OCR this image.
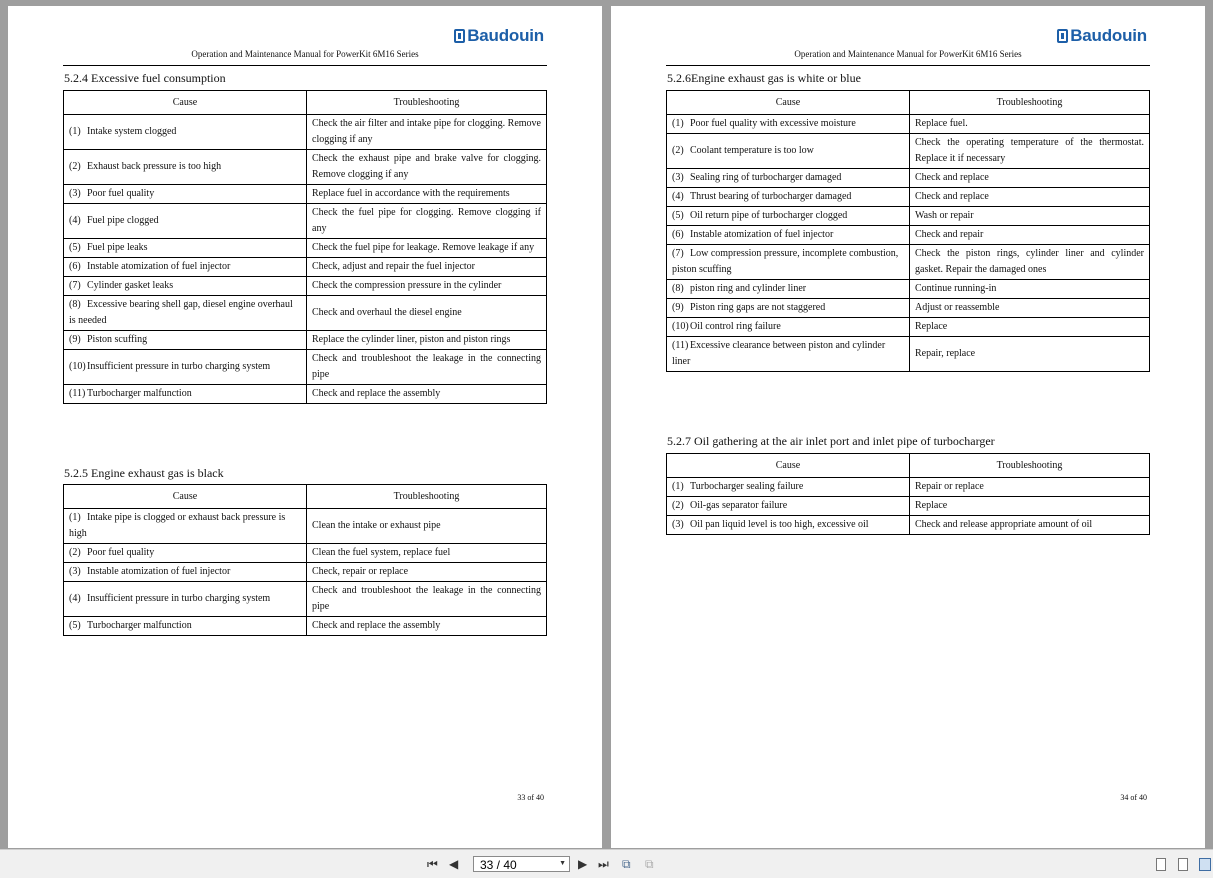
Baudouin
Operation and Maintenance Manual for PowerKit 6M16 Series
5.2.4 Excessive fuel consumption
Cause	Troubleshooting
(1) Intake system clogged	Check the air filter and intake pipe for clogging. Remove clogging if any
(2) Exhaust back pressure is too high	Check the exhaust pipe and brake valve for clogging. Remove clogging if any
(3) Poor fuel quality	Replace fuel in accordance with the requirements
(4) Fuel pipe clogged	Check the fuel pipe for clogging. Remove clogging if any
(5) Fuel pipe leaks	Check the fuel pipe for leakage. Remove leakage if any
(6) Instable atomization of fuel injector	Check, adjust and repair the fuel injector
(7) Cylinder gasket leaks	Check the compression pressure in the cylinder
(8) Excessive bearing shell gap, diesel engine overhaul is needed	Check and overhaul the diesel engine
(9) Piston scuffing	Replace the cylinder liner, piston and piston rings
(10)Insufficient pressure in turbo charging system	Check and troubleshoot the leakage in the connecting pipe
(11) Turbocharger malfunction	Check and replace the assembly
5.2.5 Engine exhaust gas is black
Cause	Troubleshooting
(1) Intake pipe is clogged or exhaust back pressure is high	Clean the intake or exhaust pipe
(2) Poor fuel quality	Clean the fuel system, replace fuel
(3) Instable atomization of fuel injector	Check, repair or replace
(4) Insufficient pressure in turbo charging system	Check and troubleshoot the leakage in the connecting pipe
(5) Turbocharger malfunction	Check and replace the assembly
33 of 40
Baudouin
Operation and Maintenance Manual for PowerKit 6M16 Series
5.2.6Engine exhaust gas is white or blue
Cause	Troubleshooting
(1) Poor fuel quality with excessive moisture	Replace fuel.
(2) Coolant temperature is too low	Check the operating temperature of the thermostat. Replace it if necessary
(3) Sealing ring of turbocharger damaged	Check and replace
(4) Thrust bearing of turbocharger damaged	Check and replace
(5) Oil return pipe of turbocharger clogged	Wash or repair
(6) Instable atomization of fuel injector	Check and repair
(7) Low compression pressure, incomplete combustion, piston scuffing	Check the piston rings, cylinder liner and cylinder gasket. Repair the damaged ones
(8) piston ring and cylinder liner	Continue running-in
(9) Piston ring gaps are not staggered	Adjust or reassemble
(10)Oil control ring failure	Replace
(11) Excessive clearance between piston and cylinder liner	Repair, replace
5.2.7 Oil gathering at the air inlet port and inlet pipe of turbocharger
Cause	Troubleshooting
(1) Turbocharger sealing failure	Repair or replace
(2) Oil-gas separator failure	Replace
(3) Oil pan liquid level is too high, excessive oil	Check and release appropriate amount of oil
34 of 40
⏮ ◀ 33 / 40	▼ ▶ ⏭ ⧉ ⧉
